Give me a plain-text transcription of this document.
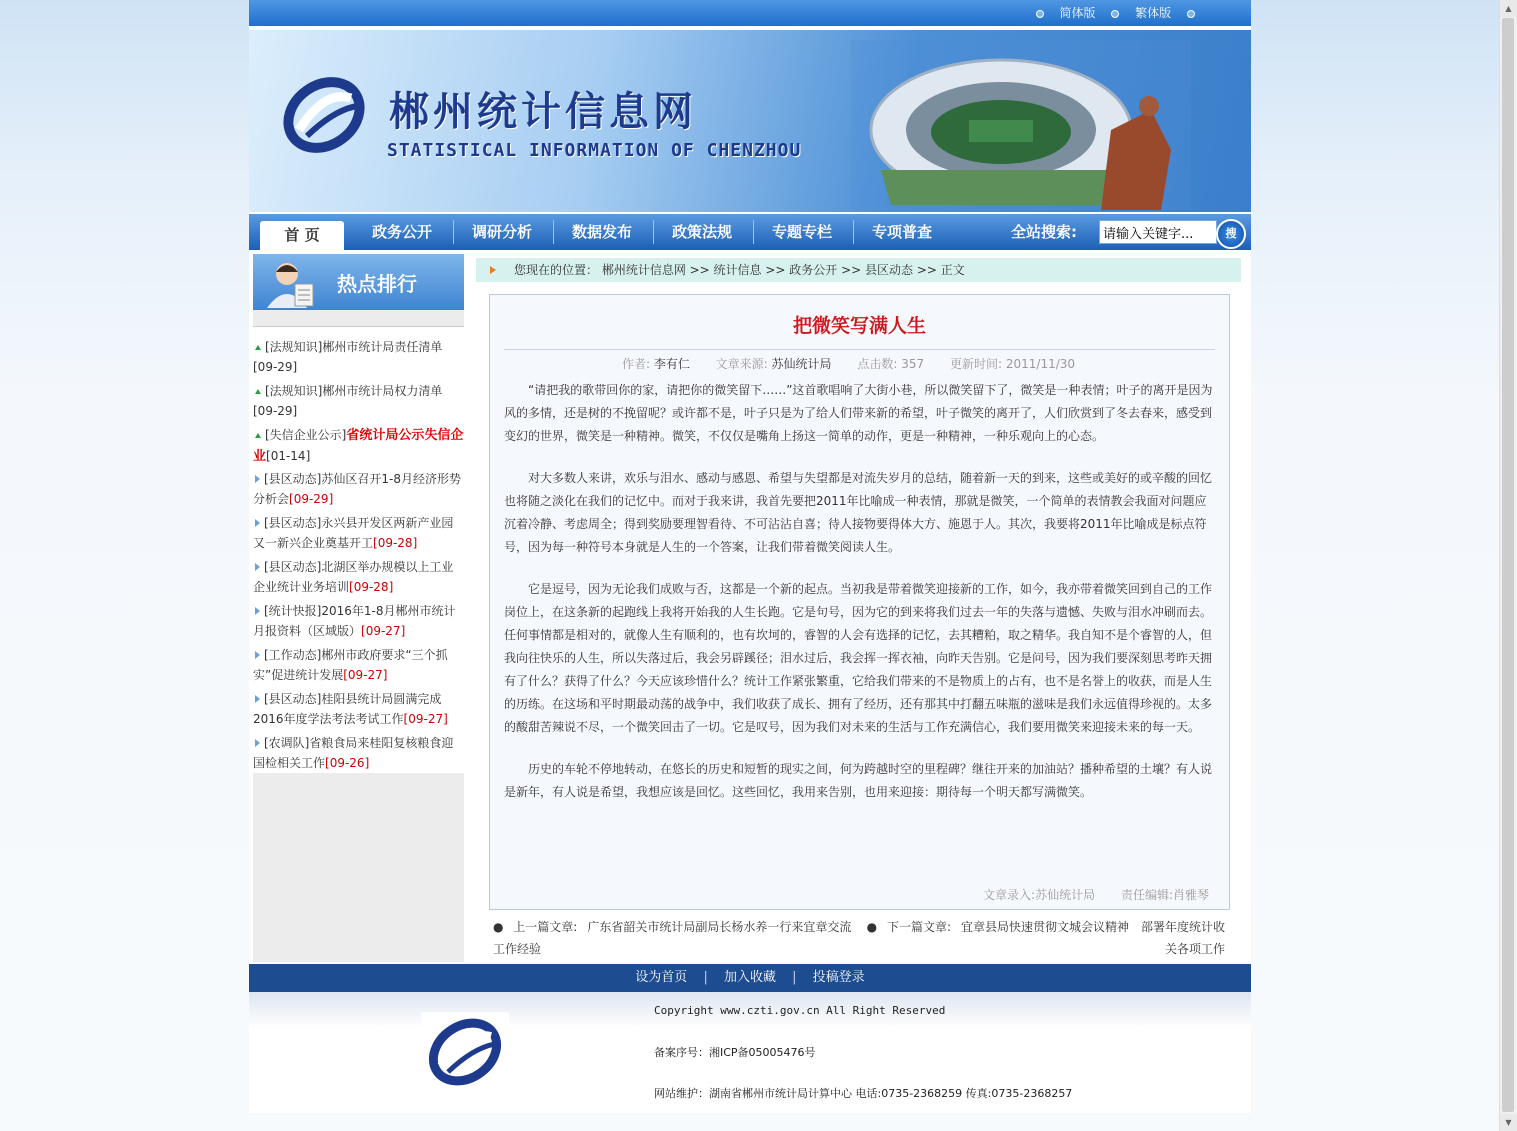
▲
▼
简体版	繁体版
郴州统计信息网
STATISTICAL INFORMATION OF CHENZHOU
首 页	政务公开	调研分析	数据发布	政策法规	专题专栏	专项普查	全站搜索:
请输入关键字...	搜
热点排行
[法规知识]郴州市统计局责任清单
[09-29]
[法规知识]郴州市统计局权力清单
[09-29]
[失信企业公示]省统计局公示失信企业[01-14]
[县区动态]苏仙区召开1-8月经济形势分析会[09-29]
[县区动态]永兴县开发区两新产业园又一新兴企业奠基开工[09-28]
[县区动态]北湖区举办规模以上工业企业统计业务培训[09-28]
[统计快报]2016年1-8月郴州市统计月报资料（区域版）[09-27]
[工作动态]郴州市政府要求“三个抓实”促进统计发展[09-27]
[县区动态]桂阳县统计局圆满完成2016年度学法考法考试工作[09-27]
[农调队]省粮食局来桂阳复核粮食迎国检相关工作[09-26]
您现在的位置： 郴州统计信息网 >> 统计信息 >> 政务公开 >> 县区动态 >> 正文
把微笑写满人生
作者: 李有仁 文章来源: 苏仙统计局 点击数: 357 更新时间: 2011/11/30

“请把我的歌带回你的家，请把你的微笑留下……”这首歌唱响了大街小巷，所以微笑留下了，微笑是一种表情；叶子的离开是因为风的多情，还是树的不挽留呢？或许都不是，叶子只是为了给人们带来新的希望，叶子微笑的离开了，人们欣赏到了冬去春来，感受到变幻的世界，微笑是一种精神。微笑，不仅仅是嘴角上扬这一简单的动作，更是一种精神，一种乐观向上的心态。

对大多数人来讲，欢乐与泪水、感动与感恩、希望与失望都是对流失岁月的总结，随着新一天的到来，这些或美好的或辛酸的回忆也将随之淡化在我们的记忆中。而对于我来讲，我首先要把2011年比喻成一种表情，那就是微笑，一个简单的表情教会我面对问题应沉着冷静、考虑周全；得到奖励要理智看待、不可沾沾自喜；待人接物要得体大方、施恩于人。其次，我要将2011年比喻成是标点符号，因为每一种符号本身就是人生的一个答案，让我们带着微笑阅读人生。

它是逗号，因为无论我们成败与否，这都是一个新的起点。当初我是带着微笑迎接新的工作，如今，我亦带着微笑回到自己的工作岗位上，在这条新的起跑线上我将开始我的人生长跑。它是句号，因为它的到来将我们过去一年的失落与遗憾、失败与泪水冲刷而去。任何事情都是相对的，就像人生有顺利的，也有坎坷的，睿智的人会有选择的记忆，去其糟粕，取之精华。我自知不是个睿智的人，但我向往快乐的人生，所以失落过后，我会另辟蹊径；泪水过后，我会挥一挥衣袖，向昨天告别。它是问号，因为我们要深刻思考昨天拥有了什么？获得了什么？今天应该珍惜什么？统计工作紧张繁重，它给我们带来的不是物质上的占有，也不是名誉上的收获，而是人生的历练。在这场和平时期最动荡的战争中，我们收获了成长、拥有了经历，还有那其中打翻五味瓶的滋味是我们永远值得珍视的。太多的酸甜苦辣说不尽，一个微笑回击了一切。它是叹号，因为我们对未来的生活与工作充满信心，我们要用微笑来迎接未来的每一天。

历史的车轮不停地转动，在悠长的历史和短暂的现实之间，何为跨越时空的里程碑？继往开来的加油站？播种希望的土壤？有人说是新年，有人说是希望，我想应该是回忆。这些回忆，我用来告别，也用来迎接：期待每一个明天都写满微笑。

文章录入:苏仙统计局 责任编辑:肖雅琴
● 上一篇文章: 广东省韶关市统计局副局长杨水养一行来宜章交流工作经验
● 下一篇文章: 宜章县局快速贯彻文城会议精神　部署年度统计收关各项工作
设为首页 | 加入收藏 | 投稿登录
Copyright www.czti.gov.cn All Right Reserved
备案序号：湘ICP备05005476号
网站维护：湖南省郴州市统计局计算中心 电话:0735-2368259 传真:0735-2368257
